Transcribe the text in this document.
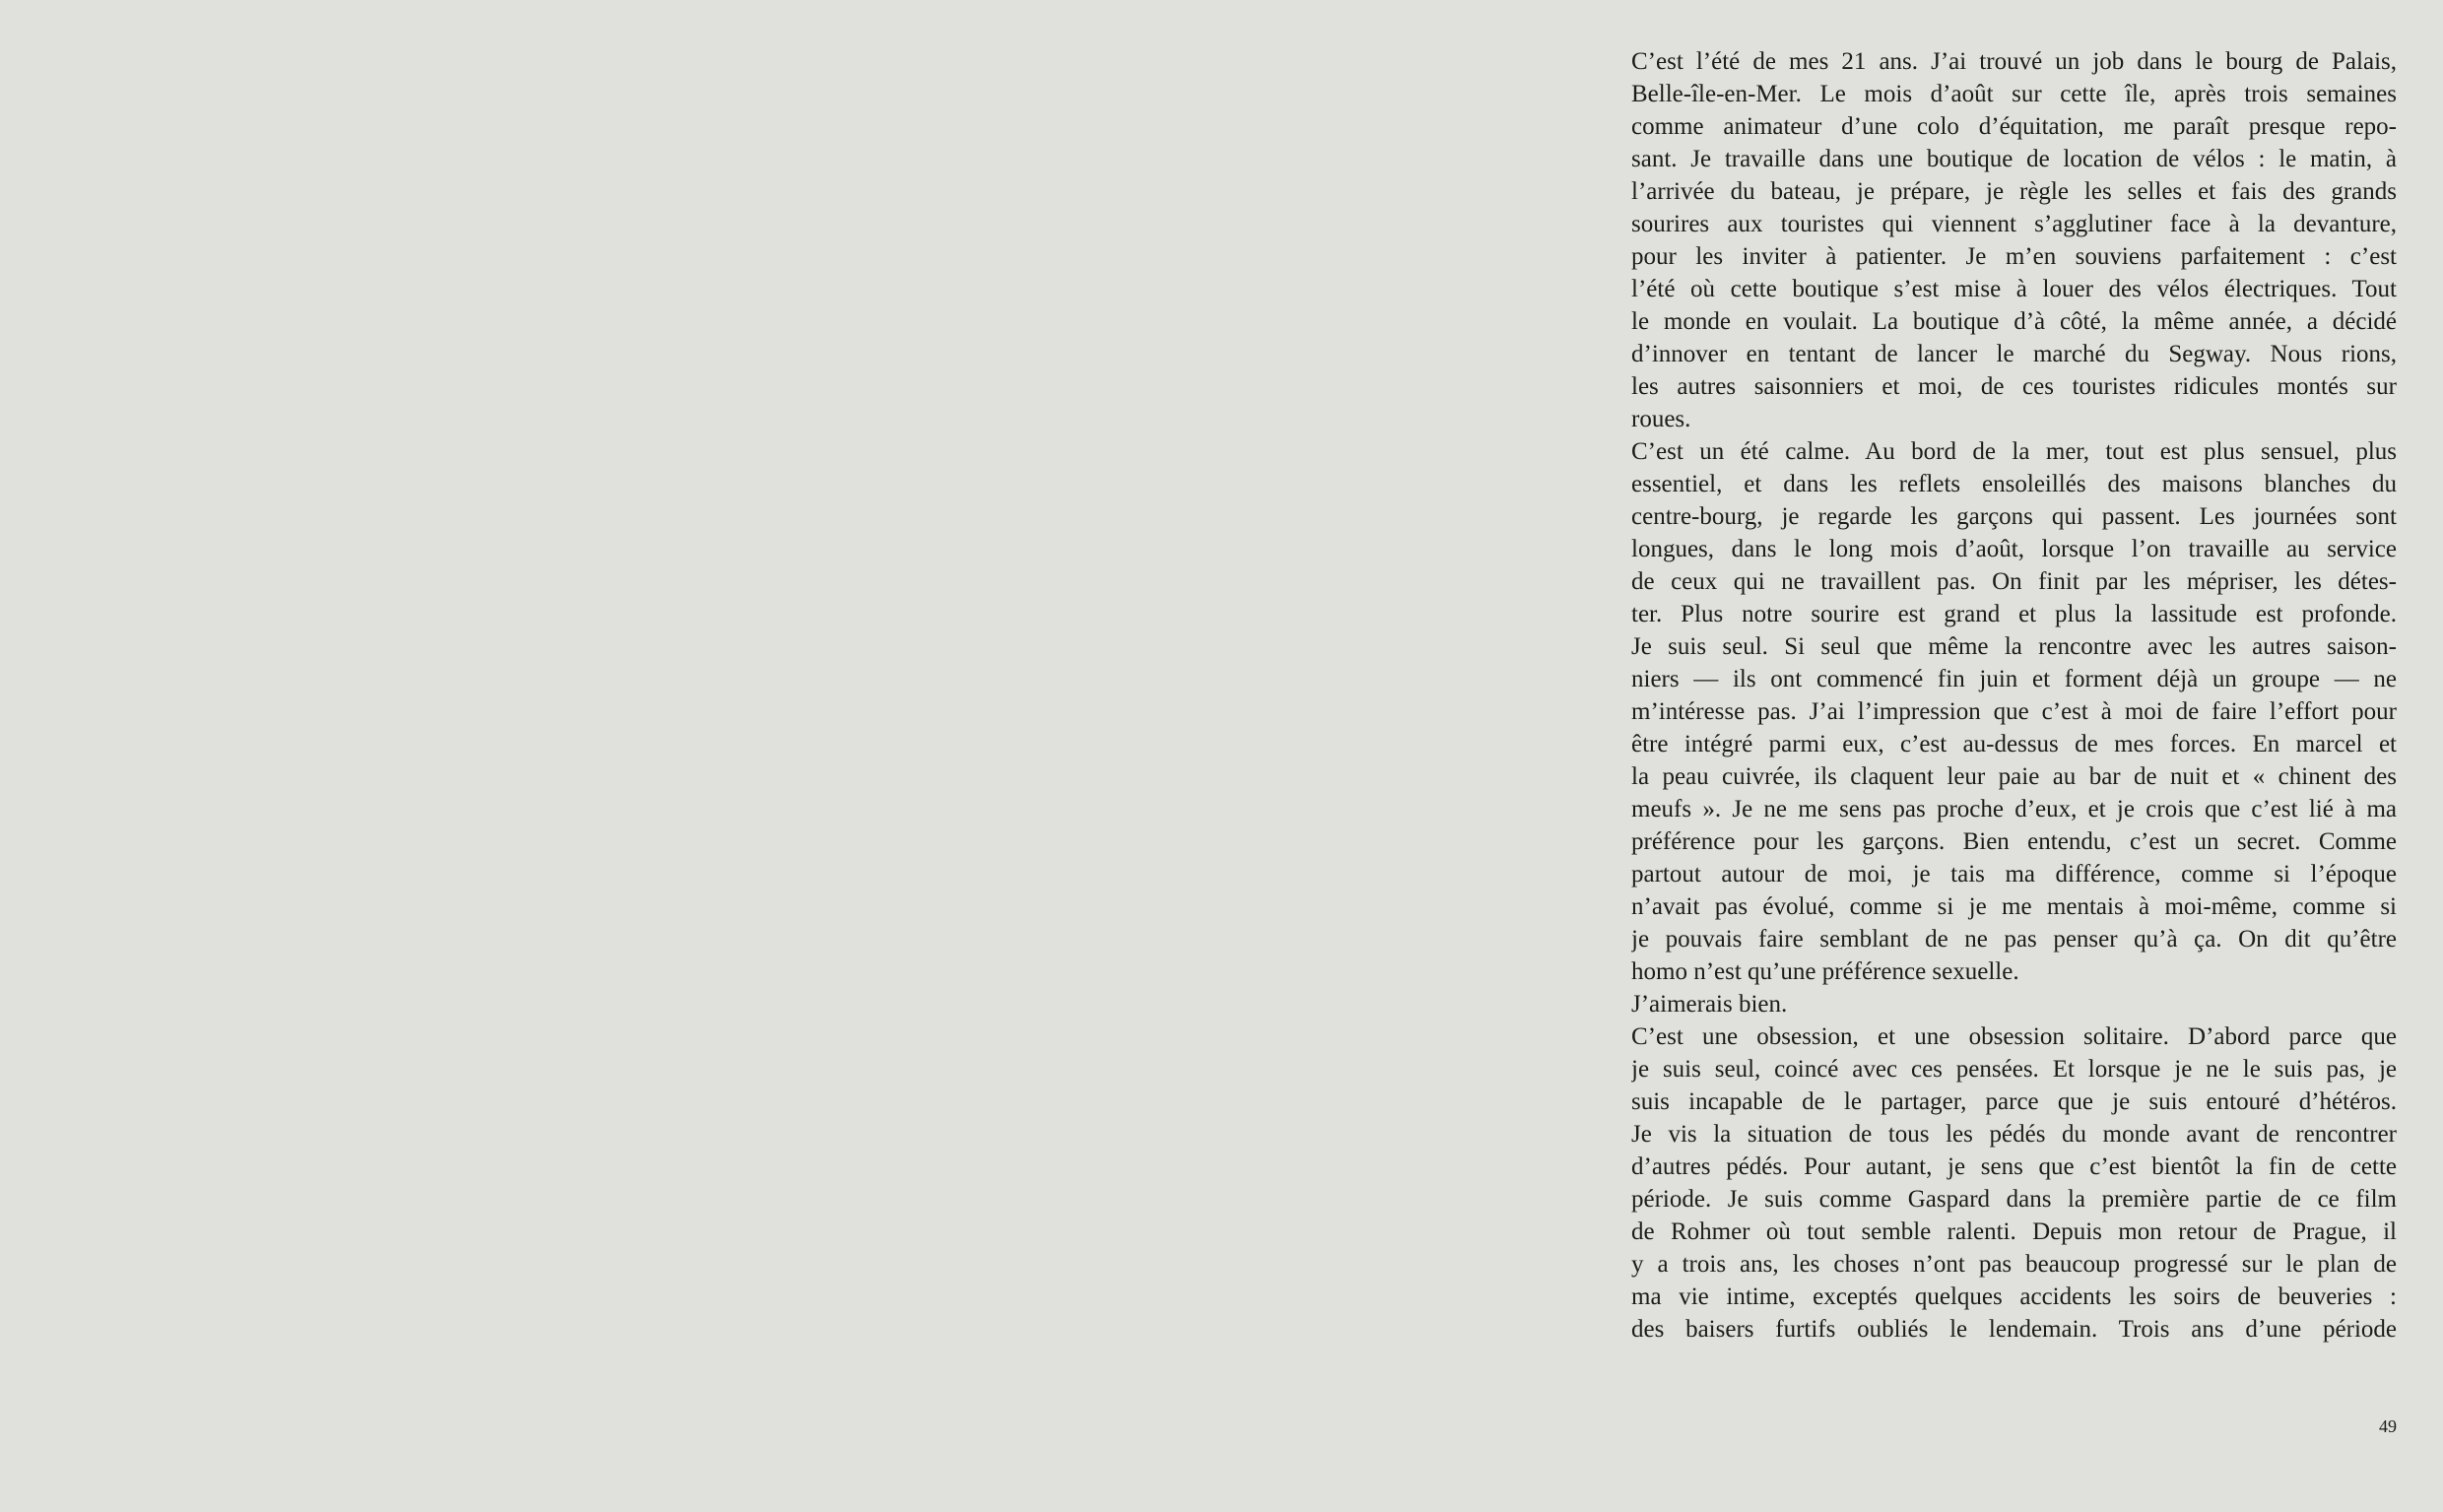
C’est l’été de mes 21 ans. J’ai trouvé un job dans le bourg de Palais,
Belle-île-en-Mer. Le mois d’août sur cette île, après trois semaines
comme animateur d’une colo d’équitation, me paraît presque repo-
sant. Je travaille dans une boutique de location de vélos : le matin, à
l’arrivée du bateau, je prépare, je règle les selles et fais des grands
sourires aux touristes qui viennent s’agglutiner face à la devanture,
pour les inviter à patienter. Je m’en souviens parfaitement : c’est
l’été où cette boutique s’est mise à louer des vélos électriques. Tout
le monde en voulait. La boutique d’à côté, la même année, a décidé
d’innover en tentant de lancer le marché du Segway. Nous rions,
les autres saisonniers et moi, de ces touristes ridicules montés sur
roues.
C’est un été calme. Au bord de la mer, tout est plus sensuel, plus
essentiel, et dans les reflets ensoleillés des maisons blanches du
centre-bourg, je regarde les garçons qui passent. Les journées sont
longues, dans le long mois d’août, lorsque l’on travaille au service
de ceux qui ne travaillent pas. On finit par les mépriser, les détes-
ter. Plus notre sourire est grand et plus la lassitude est profonde.
Je suis seul. Si seul que même la rencontre avec les autres saison-
niers — ils ont commencé fin juin et forment déjà un groupe — ne
m’intéresse pas. J’ai l’impression que c’est à moi de faire l’effort pour
être intégré parmi eux, c’est au-dessus de mes forces. En marcel et
la peau cuivrée, ils claquent leur paie au bar de nuit et « chinent des
meufs ». Je ne me sens pas proche d’eux, et je crois que c’est lié à ma
préférence pour les garçons. Bien entendu, c’est un secret. Comme
partout autour de moi, je tais ma différence, comme si l’époque
n’avait pas évolué, comme si je me mentais à moi-même, comme si
je pouvais faire semblant de ne pas penser qu’à ça. On dit qu’être
homo n’est qu’une préférence sexuelle.
J’aimerais bien.
C’est une obsession, et une obsession solitaire. D’abord parce que
je suis seul, coincé avec ces pensées. Et lorsque je ne le suis pas, je
suis incapable de le partager, parce que je suis entouré d’hétéros.
Je vis la situation de tous les pédés du monde avant de rencontrer
d’autres pédés. Pour autant, je sens que c’est bientôt la fin de cette
période. Je suis comme Gaspard dans la première partie de ce film
de Rohmer où tout semble ralenti. Depuis mon retour de Prague, il
y a trois ans, les choses n’ont pas beaucoup progressé sur le plan de
ma vie intime, exceptés quelques accidents les soirs de beuveries :
des baisers furtifs oubliés le lendemain. Trois ans d’une période
49
